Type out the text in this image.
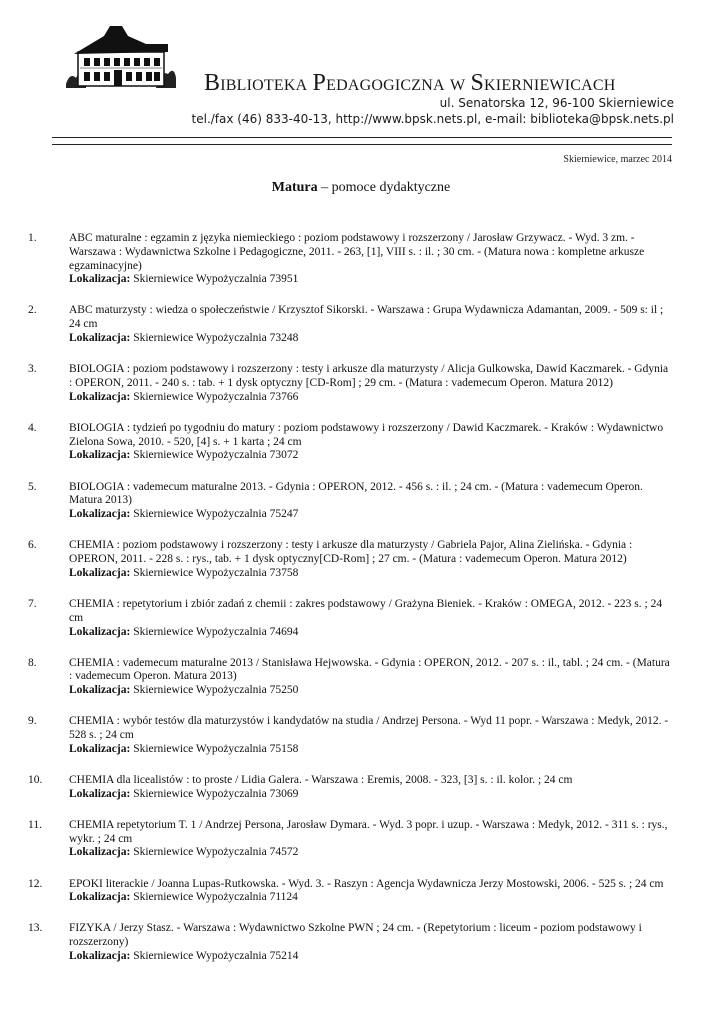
BIBLIOTEKA PEDAGOGICZNA W SKIERNIEWICACH
ul. Senatorska 12, 96-100 Skierniewice
tel./fax (46) 833-40-13, http://www.bpsk.nets.pl, e-mail: biblioteka@bpsk.nets.pl
Skierniewice, marzec 2014
Matura – pomoce dydaktyczne
1.	ABC maturalne : egzamin z języka niemieckiego : poziom podstawowy i rozszerzony / Jarosław Grzywacz. - Wyd. 3 zm. - Warszawa : Wydawnictwa Szkolne i Pedagogiczne, 2011. - 263, [1], VIII s. : il. ; 30 cm. - (Matura nowa : kompletne arkusze egzaminacyjne)
Lokalizacja: Skierniewice Wypożyczalnia 73951
2.	ABC maturzysty : wiedza o społeczeństwie / Krzysztof Sikorski. - Warszawa : Grupa Wydawnicza Adamantan, 2009. - 509 s: il ; 24 cm
Lokalizacja: Skierniewice Wypożyczalnia 73248
3.	BIOLOGIA : poziom podstawowy i rozszerzony : testy i arkusze dla maturzysty / Alicja Gulkowska, Dawid Kaczmarek. - Gdynia : OPERON, 2011. - 240 s. : tab. + 1 dysk optyczny [CD-Rom] ; 29 cm. - (Matura : vademecum Operon. Matura 2012)
Lokalizacja: Skierniewice Wypożyczalnia 73766
4.	BIOLOGIA : tydzień po tygodniu do matury : poziom podstawowy i rozszerzony / Dawid Kaczmarek. - Kraków : Wydawnictwo Zielona Sowa, 2010. - 520, [4] s. + 1 karta ; 24 cm
Lokalizacja: Skierniewice Wypożyczalnia 73072
5.	BIOLOGIA : vademecum maturalne 2013. - Gdynia : OPERON, 2012. - 456 s. : il. ; 24 cm. - (Matura : vademecum Operon. Matura 2013)
Lokalizacja: Skierniewice Wypożyczalnia 75247
6.	CHEMIA : poziom podstawowy i rozszerzony : testy i arkusze dla maturzysty / Gabriela Pajor, Alina Zielińska. - Gdynia : OPERON, 2011. - 228 s. : rys., tab. + 1 dysk optyczny[CD-Rom] ; 27 cm. - (Matura : vademecum Operon. Matura 2012)
Lokalizacja: Skierniewice Wypożyczalnia 73758
7.	CHEMIA : repetytorium i zbiór zadań z chemii : zakres podstawowy / Grażyna Bieniek. - Kraków : OMEGA, 2012. - 223 s. ; 24 cm
Lokalizacja: Skierniewice Wypożyczalnia 74694
8.	CHEMIA : vademecum maturalne 2013 / Stanisława Hejwowska. - Gdynia : OPERON, 2012. - 207 s. : il., tabl. ; 24 cm. - (Matura : vademecum Operon. Matura 2013)
Lokalizacja: Skierniewice Wypożyczalnia 75250
9.	CHEMIA : wybór testów dla maturzystów i kandydatów na studia / Andrzej Persona. - Wyd 11 popr. - Warszawa : Medyk, 2012. - 528 s. ; 24 cm
Lokalizacja: Skierniewice Wypożyczalnia 75158
10.	CHEMIA dla licealistów : to proste / Lidia Galera. - Warszawa : Eremis, 2008. - 323, [3] s. : il. kolor. ; 24 cm
Lokalizacja: Skierniewice Wypożyczalnia 73069
11.	CHEMIA repetytorium T. 1 / Andrzej Persona, Jarosław Dymara. - Wyd. 3 popr. i uzup. - Warszawa : Medyk, 2012. - 311 s. : rys., wykr. ; 24 cm
Lokalizacja: Skierniewice Wypożyczalnia 74572
12.	EPOKI literackie / Joanna Lupas-Rutkowska. - Wyd. 3. - Raszyn : Agencja Wydawnicza Jerzy Mostowski, 2006. - 525 s. ; 24 cm
Lokalizacja: Skierniewice Wypożyczalnia 71124
13.	FIZYKA / Jerzy Stasz. - Warszawa : Wydawnictwo Szkolne PWN ; 24 cm. - (Repetytorium : liceum - poziom podstawowy i rozszerzony)
Lokalizacja: Skierniewice Wypożyczalnia 75214
